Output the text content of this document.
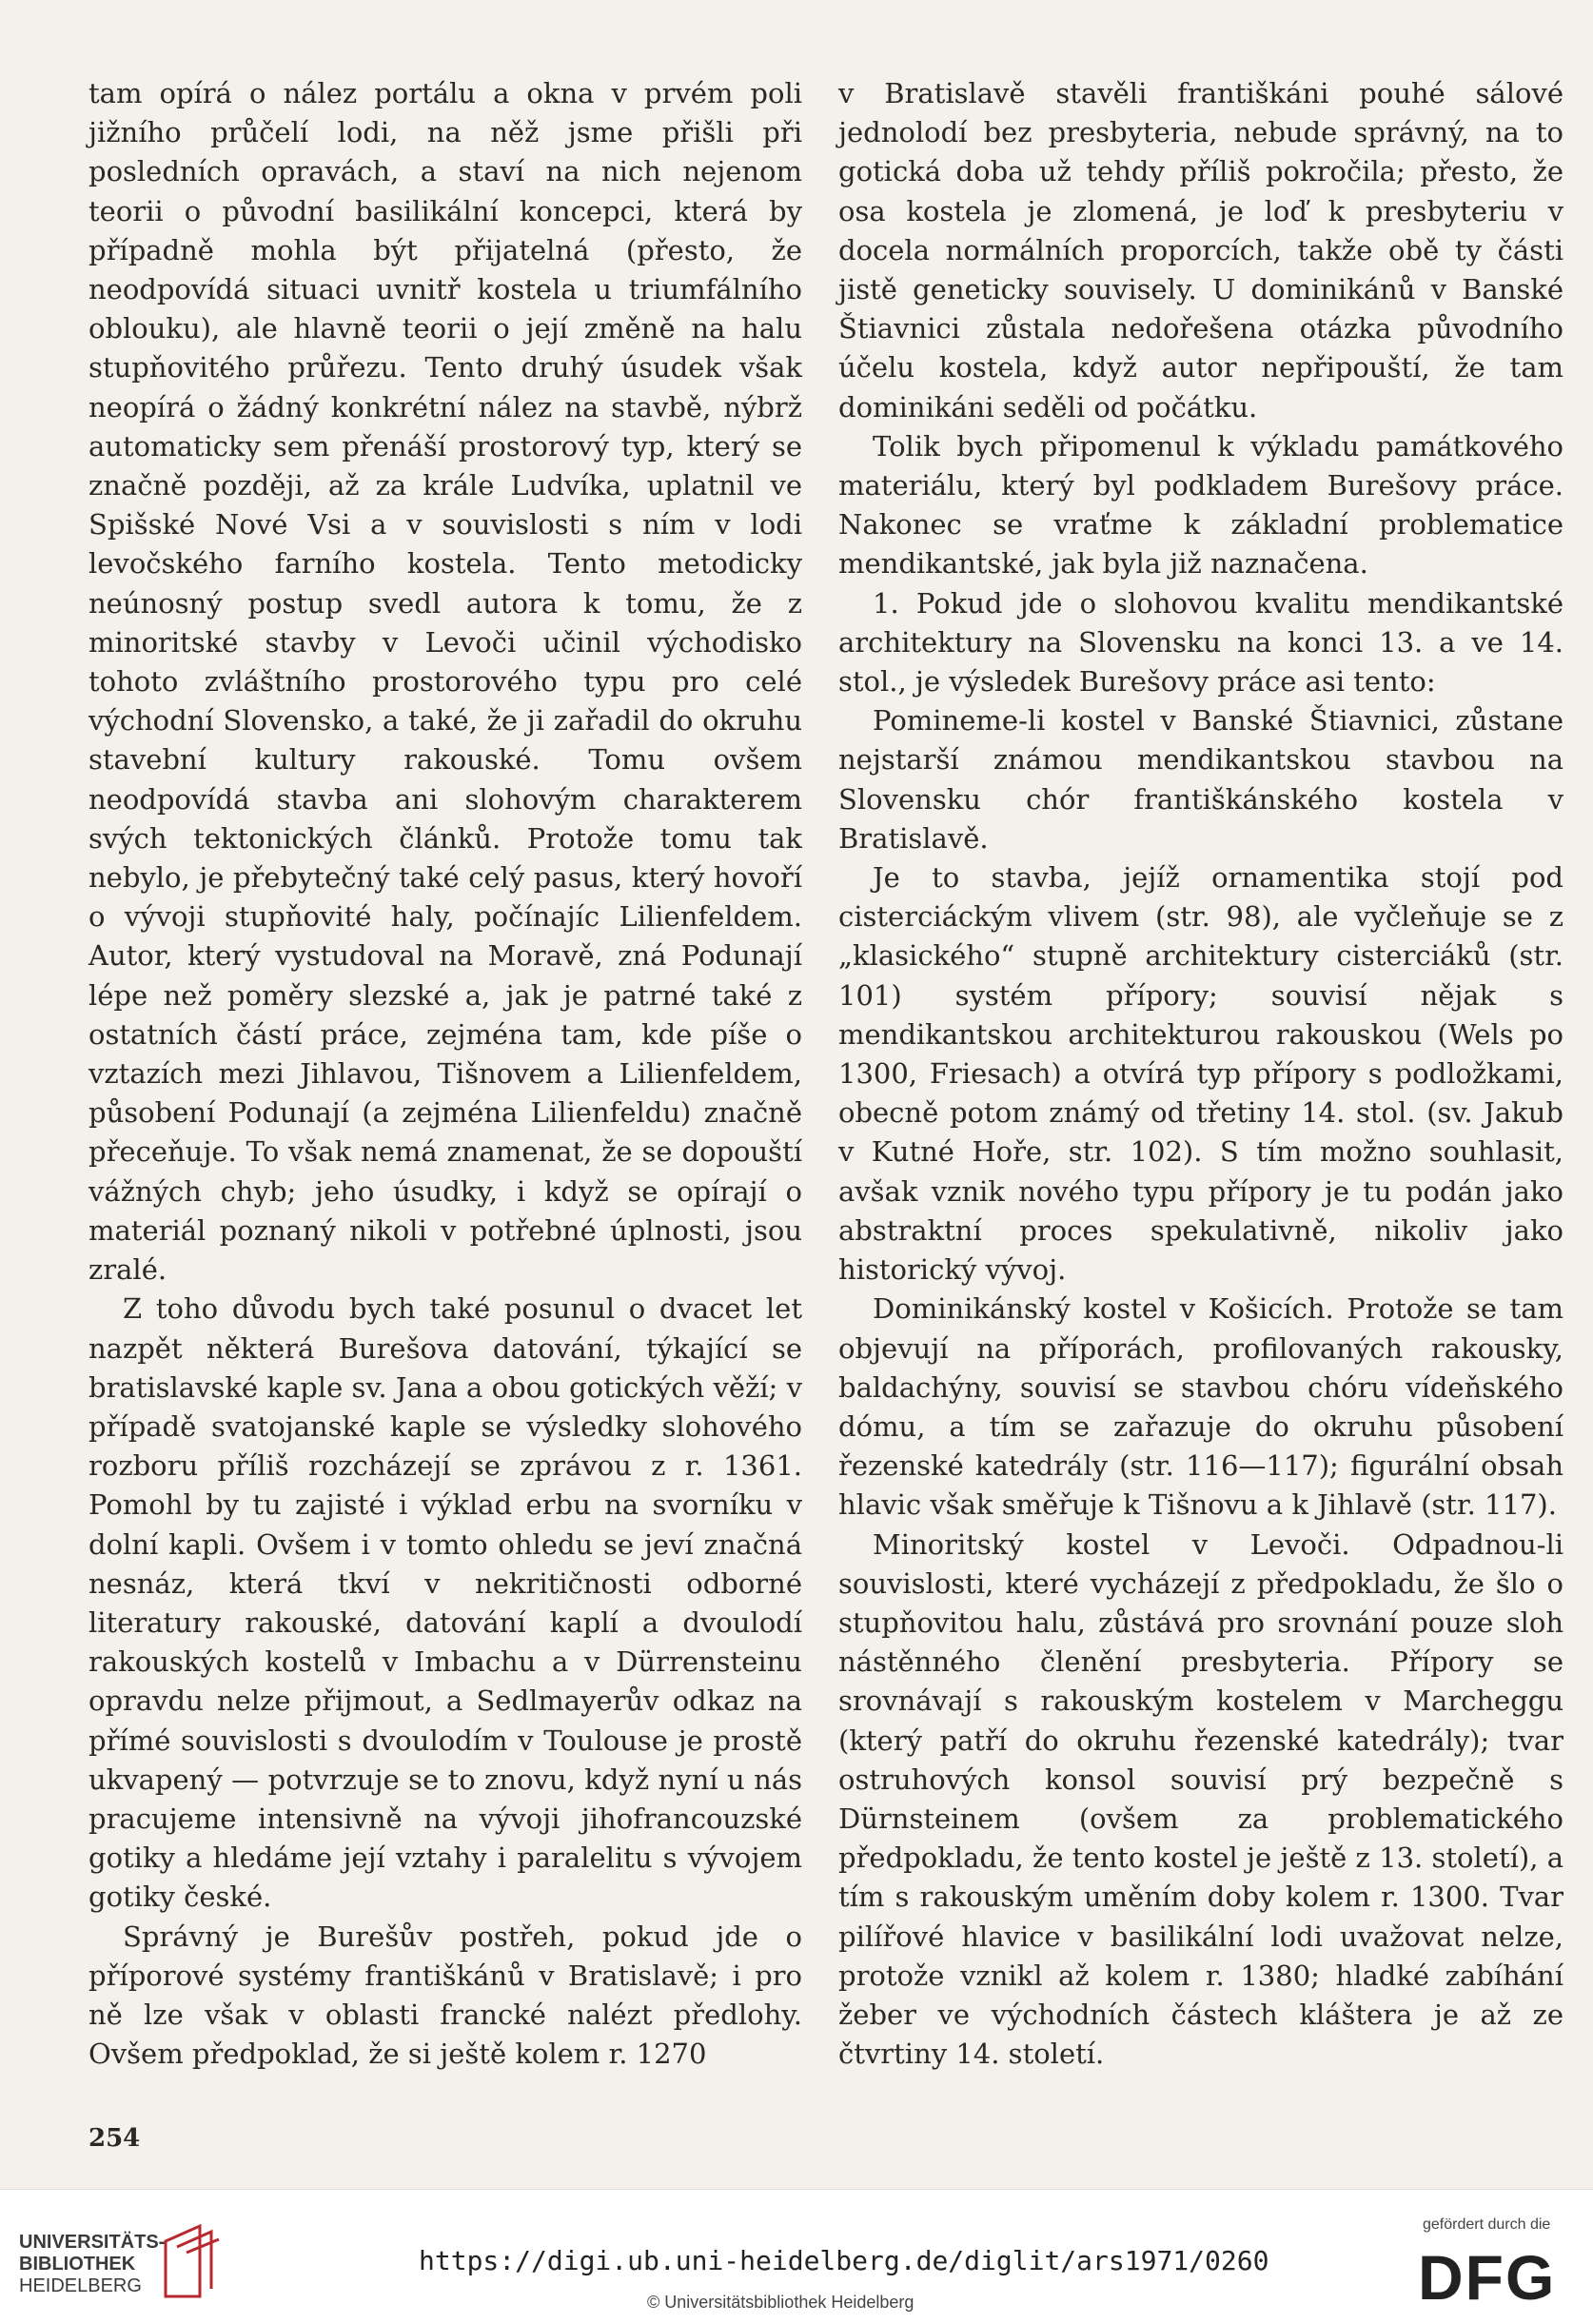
tam opírá o nález portálu a okna v prvém poli jižního průčelí lodi, na něž jsme přišli při posledních opravách, a staví na nich nejenom teorii o původní basilikální koncepci, která by případně mohla být přijatelná (přesto, že neodpovídá situaci uvnitř kostela u triumfálního oblouku), ale hlavně teorii o její změně na halu stupňovitého průřezu. Tento druhý úsudek však neopírá o žádný konkrétní nález na stavbě, nýbrž automaticky sem přenáší prostorový typ, který se značně později, až za krále Ludvíka, uplatnil ve Spišské Nové Vsi a v souvislosti s ním v lodi levočského farního kostela. Tento metodicky neúnosný postup svedl autora k tomu, že z minoritské stavby v Levoči učinil východisko tohoto zvláštního prostorového typu pro celé východní Slovensko, a také, že ji zařadil do okruhu stavební kultury rakouské. Tomu ovšem neodpovídá stavba ani slohovým charakterem svých tektonických článků. Protože tomu tak nebylo, je přebytečný také celý pasus, který hovoří o vývoji stupňovité haly, počínajíc Lilienfeldem. Autor, který vystudoval na Moravě, zná Podunají lépe než poměry slezské a, jak je patrné také z ostatních částí práce, zejména tam, kde píše o vztazích mezi Jihlavou, Tišnovem a Lilienfeldem, působení Podunají (a zejména Lilienfeldu) značně přeceňuje. To však nemá znamenat, že se dopouští vážných chyb; jeho úsudky, i když se opírají o materiál poznaný nikoli v potřebné úplnosti, jsou zralé.

Z toho důvodu bych také posunul o dvacet let nazpět některá Burešova datování, týkající se bratislavské kaple sv. Jana a obou gotických věží; v případě svatojanské kaple se výsledky slohového rozboru příliš rozcházejí se zprávou z r. 1361. Pomohl by tu zajisté i výklad erbu na svorníku v dolní kapli. Ovšem i v tomto ohledu se jeví značná nesnáz, která tkví v nekritičnosti odborné literatury rakouské, datování kaplí a dvoulodí rakouských kostelů v Imbachu a v Dürrensteinu opravdu nelze přijmout, a Sedlmayerův odkaz na přímé souvislosti s dvoulodím v Toulouse je prostě ukvapený — potvrzuje se to znovu, když nyní u nás pracujeme intensivně na vývoji jihofrancouzské gotiky a hledáme její vztahy i paralelitu s vývojem gotiky české.

Správný je Burešův postřeh, pokud jde o příporové systémy františkánů v Bratislavě; i pro ně lze však v oblasti francké nalézt předlohy. Ovšem předpoklad, že si ještě kolem r. 1270

v Bratislavě stavěli františkáni pouhé sálové jednolodí bez presbyteria, nebude správný, na to gotická doba už tehdy příliš pokročila; přesto, že osa kostela je zlomená, je loď k presbyteriu v docela normálních proporcích, takže obě ty části jistě geneticky souvisely. U dominikánů v Banské Štiavnici zůstala nedořešena otázka původního účelu kostela, když autor nepřipouští, že tam dominikáni seděli od počátku.

Tolik bych připomenul k výkladu památkového materiálu, který byl podkladem Burešovy práce. Nakonec se vraťme k základní problematice mendikantské, jak byla již naznačena.

1. Pokud jde o slohovou kvalitu mendikantské architektury na Slovensku na konci 13. a ve 14. stol., je výsledek Burešovy práce asi tento:

Pomineme-li kostel v Banské Štiavnici, zůstane nejstarší známou mendikantskou stavbou na Slovensku chór františkánského kostela v Bratislavě.

Je to stavba, jejíž ornamentika stojí pod cisterciáckým vlivem (str. 98), ale vyčleňuje se z „klasického“ stupně architektury cisterciáků (str. 101) systém přípory; souvisí nějak s mendikantskou architekturou rakouskou (Wels po 1300, Friesach) a otvírá typ přípory s podložkami, obecně potom známý od třetiny 14. stol. (sv. Jakub v Kutné Hoře, str. 102). S tím možno souhlasit, avšak vznik nového typu přípory je tu podán jako abstraktní proces spekulativně, nikoliv jako historický vývoj.

Dominikánský kostel v Košicích. Protože se tam objevují na příporách, profilovaných rakousky, baldachýny, souvisí se stavbou chóru vídeňského dómu, a tím se zařazuje do okruhu působení řezenské katedrály (str. 116—117); figurální obsah hlavic však směřuje k Tišnovu a k Jihlavě (str. 117).

Minoritský kostel v Levoči. Odpadnou-li souvislosti, které vycházejí z předpokladu, že šlo o stupňovitou halu, zůstává pro srovnání pouze sloh nástěnného členění presbyteria. Přípory se srovnávají s rakouským kostelem v Marcheggu (který patří do okruhu řezenské katedrály); tvar ostruhových konsol souvisí prý bezpečně s Dürnsteinem (ovšem za problematického předpokladu, že tento kostel je ještě z 13. století), a tím s rakouským uměním doby kolem r. 1300. Tvar pilířové hlavice v basilikální lodi uvažovat nelze, protože vznikl až kolem r. 1380; hladké zabíhání žeber ve východních částech kláštera je až ze čtvrtiny 14. století.

254
UNIVERSITÄTS-
BIBLIOTHEK
HEIDELBERG
https://digi.ub.uni-heidelberg.de/diglit/ars1971/0260
© Universitätsbibliothek Heidelberg
gefördert durch die
DFG
